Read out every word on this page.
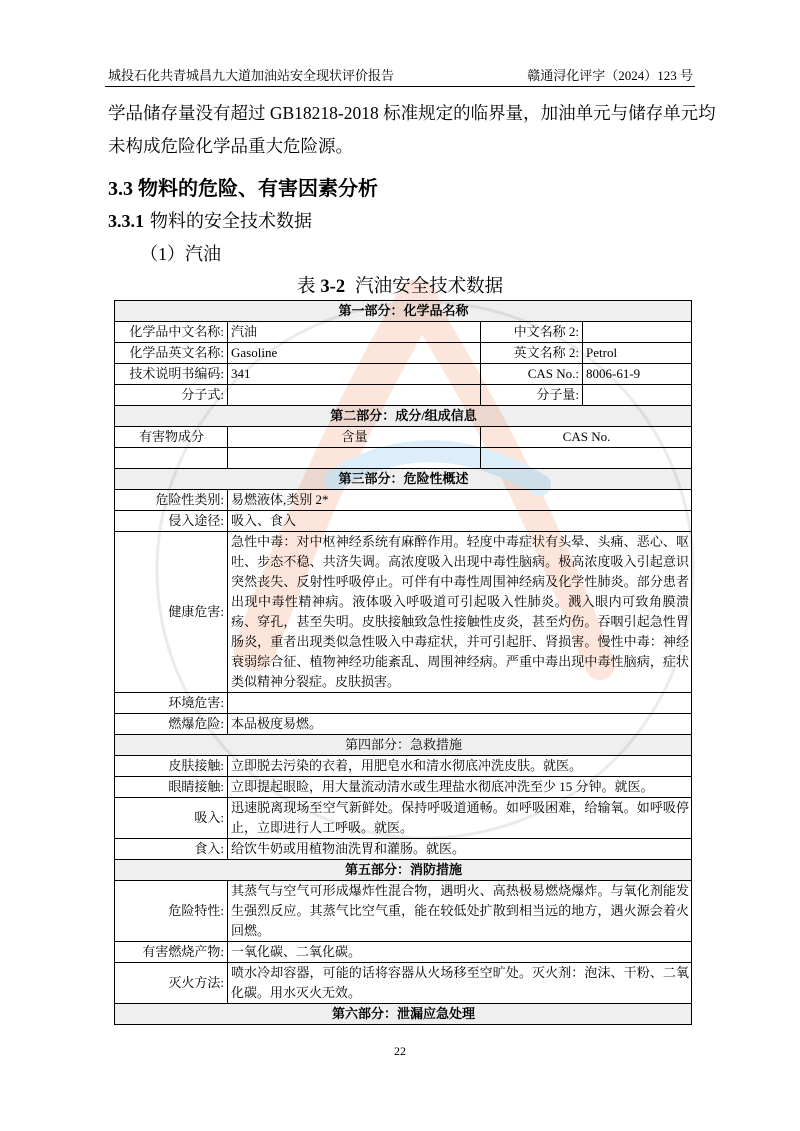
城投石化共青城昌九大道加油站安全现状评价报告	赣通浔化评字（2024）123 号
学品储存量没有超过 GB18218-2018 标准规定的临界量，加油单元与储存单元均
未构成危险化学品重大危险源。
3.3 物料的危险、有害因素分析
3.3.1 物料的安全技术数据
（1）汽油
表 3-2 汽油安全技术数据
第一部分：化学品名称			
化学品中文名称:	汽油	中文名称 2:	
化学品英文名称:	Gasoline	英文名称 2:	Petrol
技术说明书编码:	341	CAS No.:	8006-61-9
分子式:		分子量:	
第二部分：成分/组成信息			
有害物成分	含量	CAS No.	

第三部分：危险性概述			
危险性类别:	易燃液体,类别 2*		
侵入途径:	吸入、食入		
健康危害:	急性中毒：对中枢神经系统有麻醉作用。轻度中毒症状有头晕、头痛、恶心、呕吐、步态不稳、共济失调。高浓度吸入出现中毒性脑病。极高浓度吸入引起意识突然丧失、反射性呼吸停止。可伴有中毒性周围神经病及化学性肺炎。部分患者出现中毒性精神病。液体吸入呼吸道可引起吸入性肺炎。溅入眼内可致角膜溃疡、穿孔，甚至失明。皮肤接触致急性接触性皮炎，甚至灼伤。吞咽引起急性胃肠炎，重者出现类似急性吸入中毒症状，并可引起肝、肾损害。慢性中毒：神经衰弱综合征、植物神经功能紊乱、周围神经病。严重中毒出现中毒性脑病，症状类似精神分裂症。皮肤损害。		
环境危害:			
燃爆危险:	本品极度易燃。		
第四部分：急救措施			
皮肤接触:	立即脱去污染的衣着，用肥皂水和清水彻底冲洗皮肤。就医。		
眼睛接触:	立即提起眼睑，用大量流动清水或生理盐水彻底冲洗至少 15 分钟。就医。		
吸入:	迅速脱离现场至空气新鲜处。保持呼吸道通畅。如呼吸困难，给输氧。如呼吸停止，立即进行人工呼吸。就医。		
食入:	给饮牛奶或用植物油洗胃和灌肠。就医。		
第五部分：消防措施			
危险特性:	其蒸气与空气可形成爆炸性混合物，遇明火、高热极易燃烧爆炸。与氧化剂能发生强烈反应。其蒸气比空气重，能在较低处扩散到相当远的地方，遇火源会着火回燃。		
有害燃烧产物:	一氧化碳、二氧化碳。		
灭火方法:	喷水冷却容器，可能的话将容器从火场移至空旷处。灭火剂：泡沫、干粉、二氧化碳。用水灭火无效。		
第六部分：泄漏应急处理			
22
